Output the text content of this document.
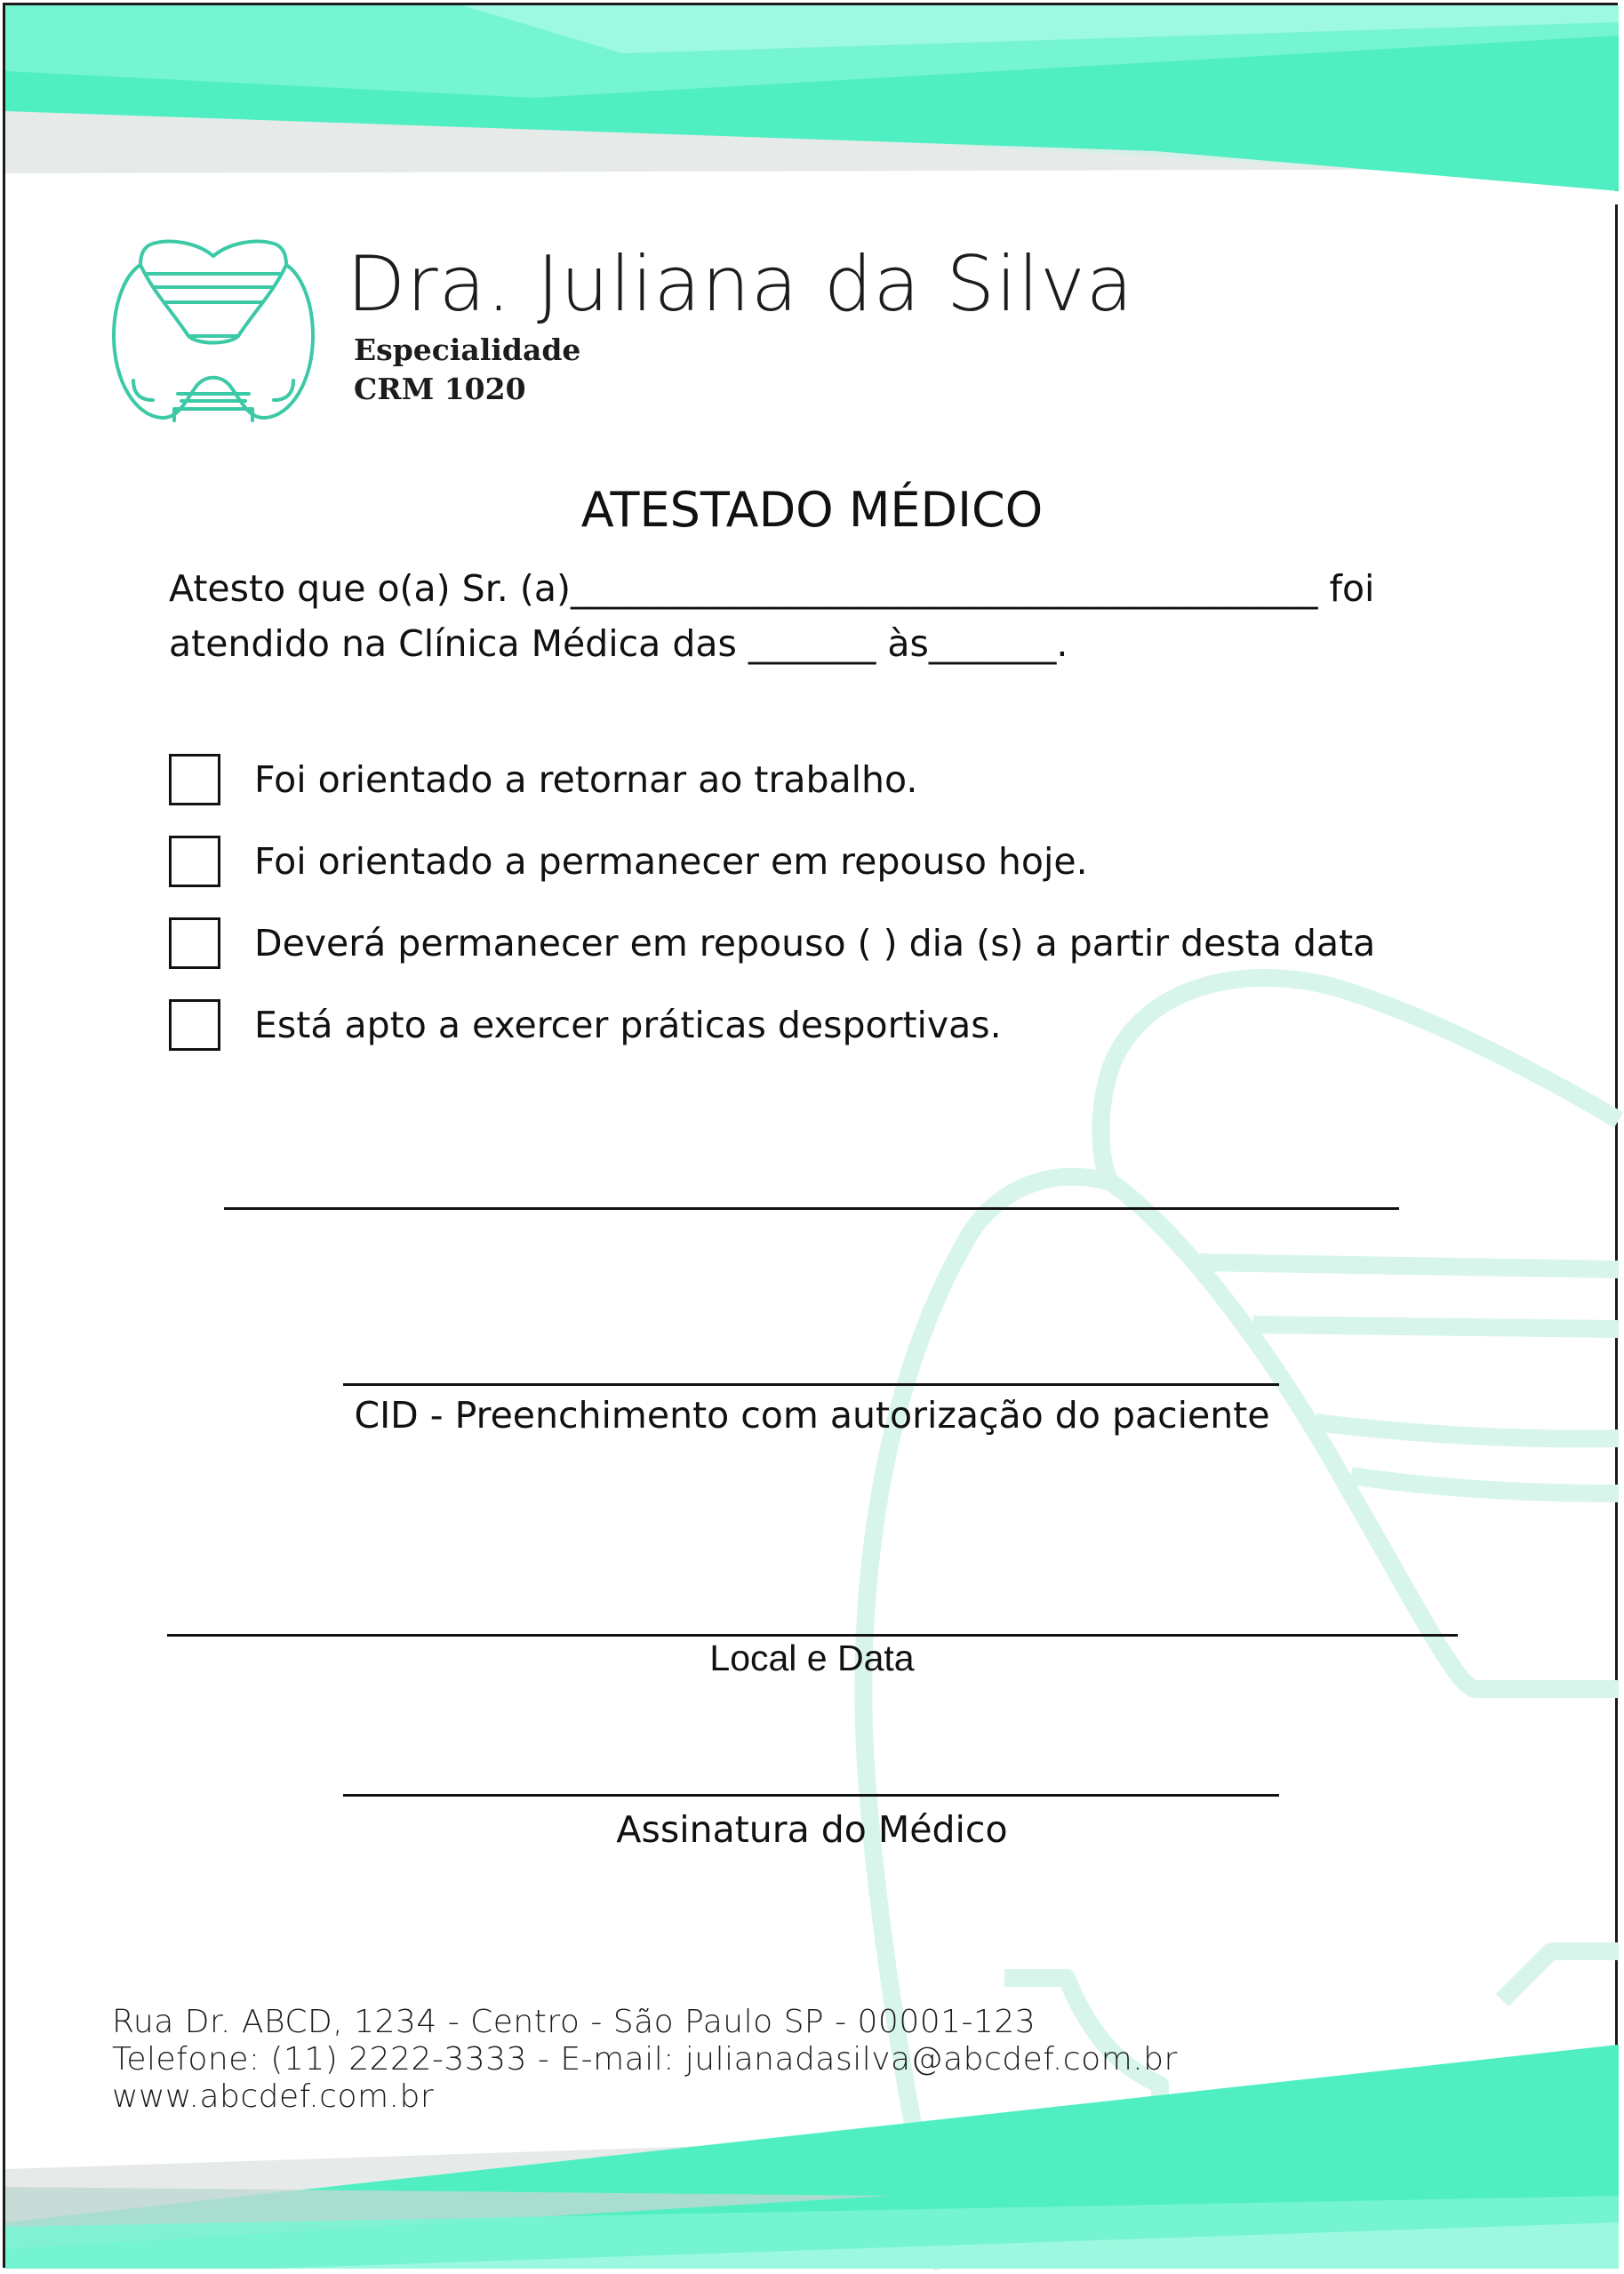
Dra. Juliana da Silva
Especialidade
CRM 1020
ATESTADO MÉDICO
Atesto que o(a) Sr. (a)_________________________________________ foi
atendido na Clínica Médica das _______ às_______.
Foi orientado a retornar ao trabalho.
Foi orientado a permanecer em repouso hoje.
Deverá permanecer em repouso ( ) dia (s) a partir desta data
Está apto a exercer práticas desportivas.
CID - Preenchimento com autorização do paciente
Local e Data
Assinatura do Médico
Rua Dr. ABCD, 1234 - Centro - São Paulo SP - 00001-123
Telefone: (11) 2222-3333 - E-mail: julianadasilva@abcdef.com.br
www.abcdef.com.br
